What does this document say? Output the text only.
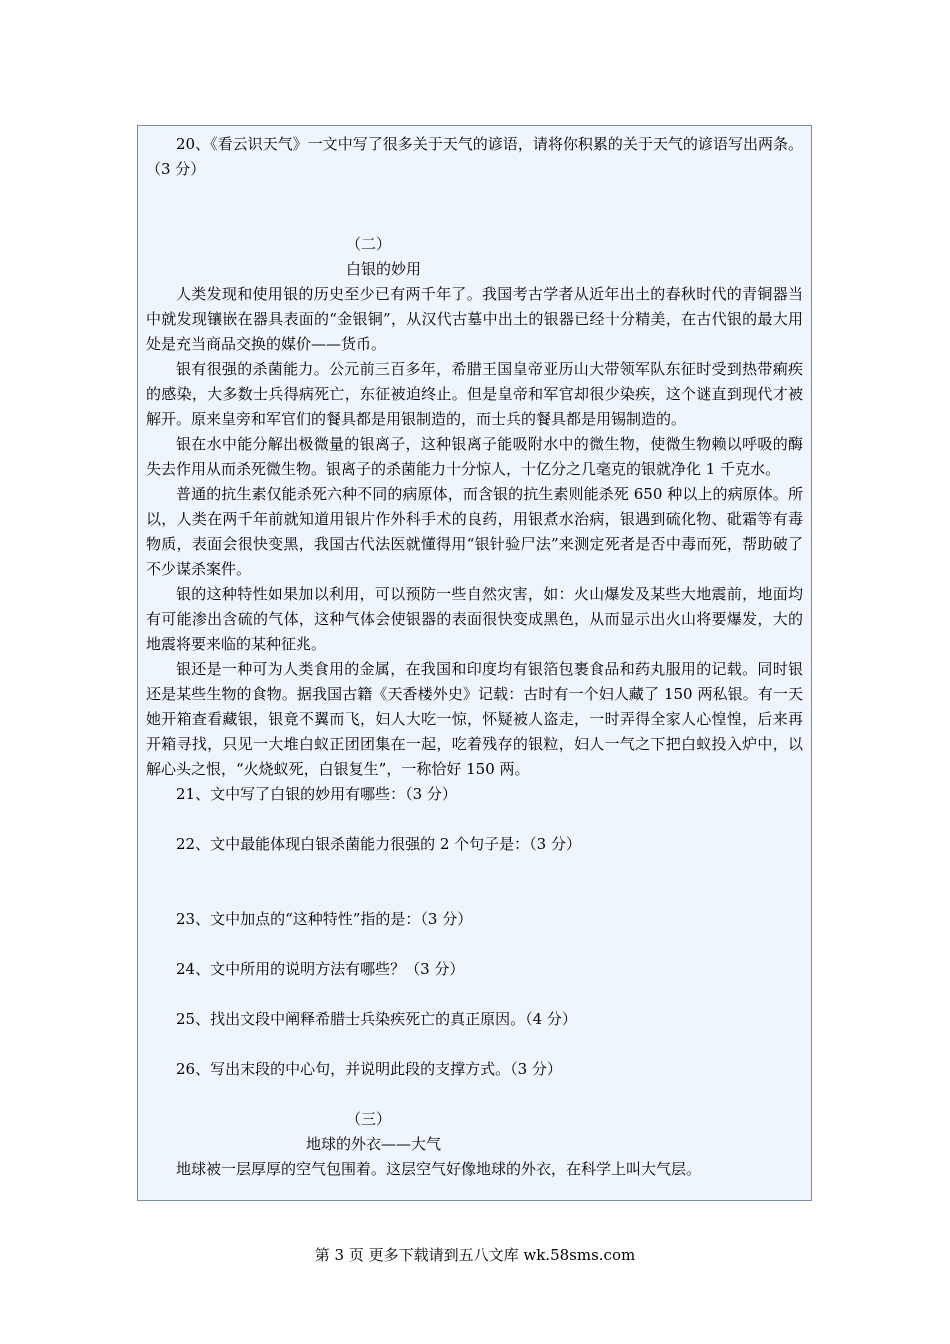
20、《看云识天气》一文中写了很多关于天气的谚语，请将你积累的关于天气的谚语写出两条。（3 分）

（二）

白银的妙用

人类发现和使用银的历史至少已有两千年了。我国考古学者从近年出土的春秋时代的青铜器当中就发现镶嵌在器具表面的“金银铜”，从汉代古墓中出土的银器已经十分精美，在古代银的最大用处是充当商品交换的媒价——货币。

银有很强的杀菌能力。公元前三百多年，希腊王国皇帝亚历山大带领军队东征时受到热带痢疾的感染，大多数士兵得病死亡，东征被迫终止。但是皇帝和军官却很少染疾，这个谜直到现代才被解开。原来皇旁和军官们的餐具都是用银制造的，而士兵的餐具都是用锡制造的。

银在水中能分解出极微量的银离子，这种银离子能吸附水中的微生物，使微生物赖以呼吸的酶失去作用从而杀死微生物。银离子的杀菌能力十分惊人，十亿分之几毫克的银就净化 1 千克水。

普通的抗生素仅能杀死六种不同的病原体，而含银的抗生素则能杀死 650 种以上的病原体。所以，人类在两千年前就知道用银片作外科手术的良药，用银煮水治病，银遇到硫化物、砒霜等有毒物质，表面会很快变黑，我国古代法医就懂得用“银针验尸法”来测定死者是否中毒而死，帮助破了不少谋杀案件。

银的这种特性如果加以利用，可以预防一些自然灾害，如：火山爆发及某些大地震前，地面均有可能渗出含硫的气体，这种气体会使银器的表面很快变成黑色，从而显示出火山将要爆发，大的地震将要来临的某种征兆。

银还是一种可为人类食用的金属，在我国和印度均有银箔包裹食品和药丸服用的记载。同时银还是某些生物的食物。据我国古籍《天香楼外史》记载：古时有一个妇人藏了 150 两私银。有一天她开箱查看藏银，银竟不翼而飞，妇人大吃一惊，怀疑被人盗走，一时弄得全家人心惶惶，后来再开箱寻找，只见一大堆白蚁正团团集在一起，吃着残存的银粒，妇人一气之下把白蚁投入炉中，以解心头之恨，“火烧蚁死，白银复生”，一称恰好 150 两。

21、文中写了白银的妙用有哪些：（3 分）

22、文中最能体现白银杀菌能力很强的 2 个句子是：（3 分）

23、文中加点的“这种特性”指的是：（3 分）

24、文中所用的说明方法有哪些？（3 分）

25、找出文段中阐释希腊士兵染疾死亡的真正原因。（4 分）

26、写出末段的中心句，并说明此段的支撑方式。（3 分）

（三）

地球的外衣——大气

地球被一层厚厚的空气包围着。这层空气好像地球的外衣，在科学上叫大气层。

第 3 页 更多下载请到五八文库 wk.58sms.com
